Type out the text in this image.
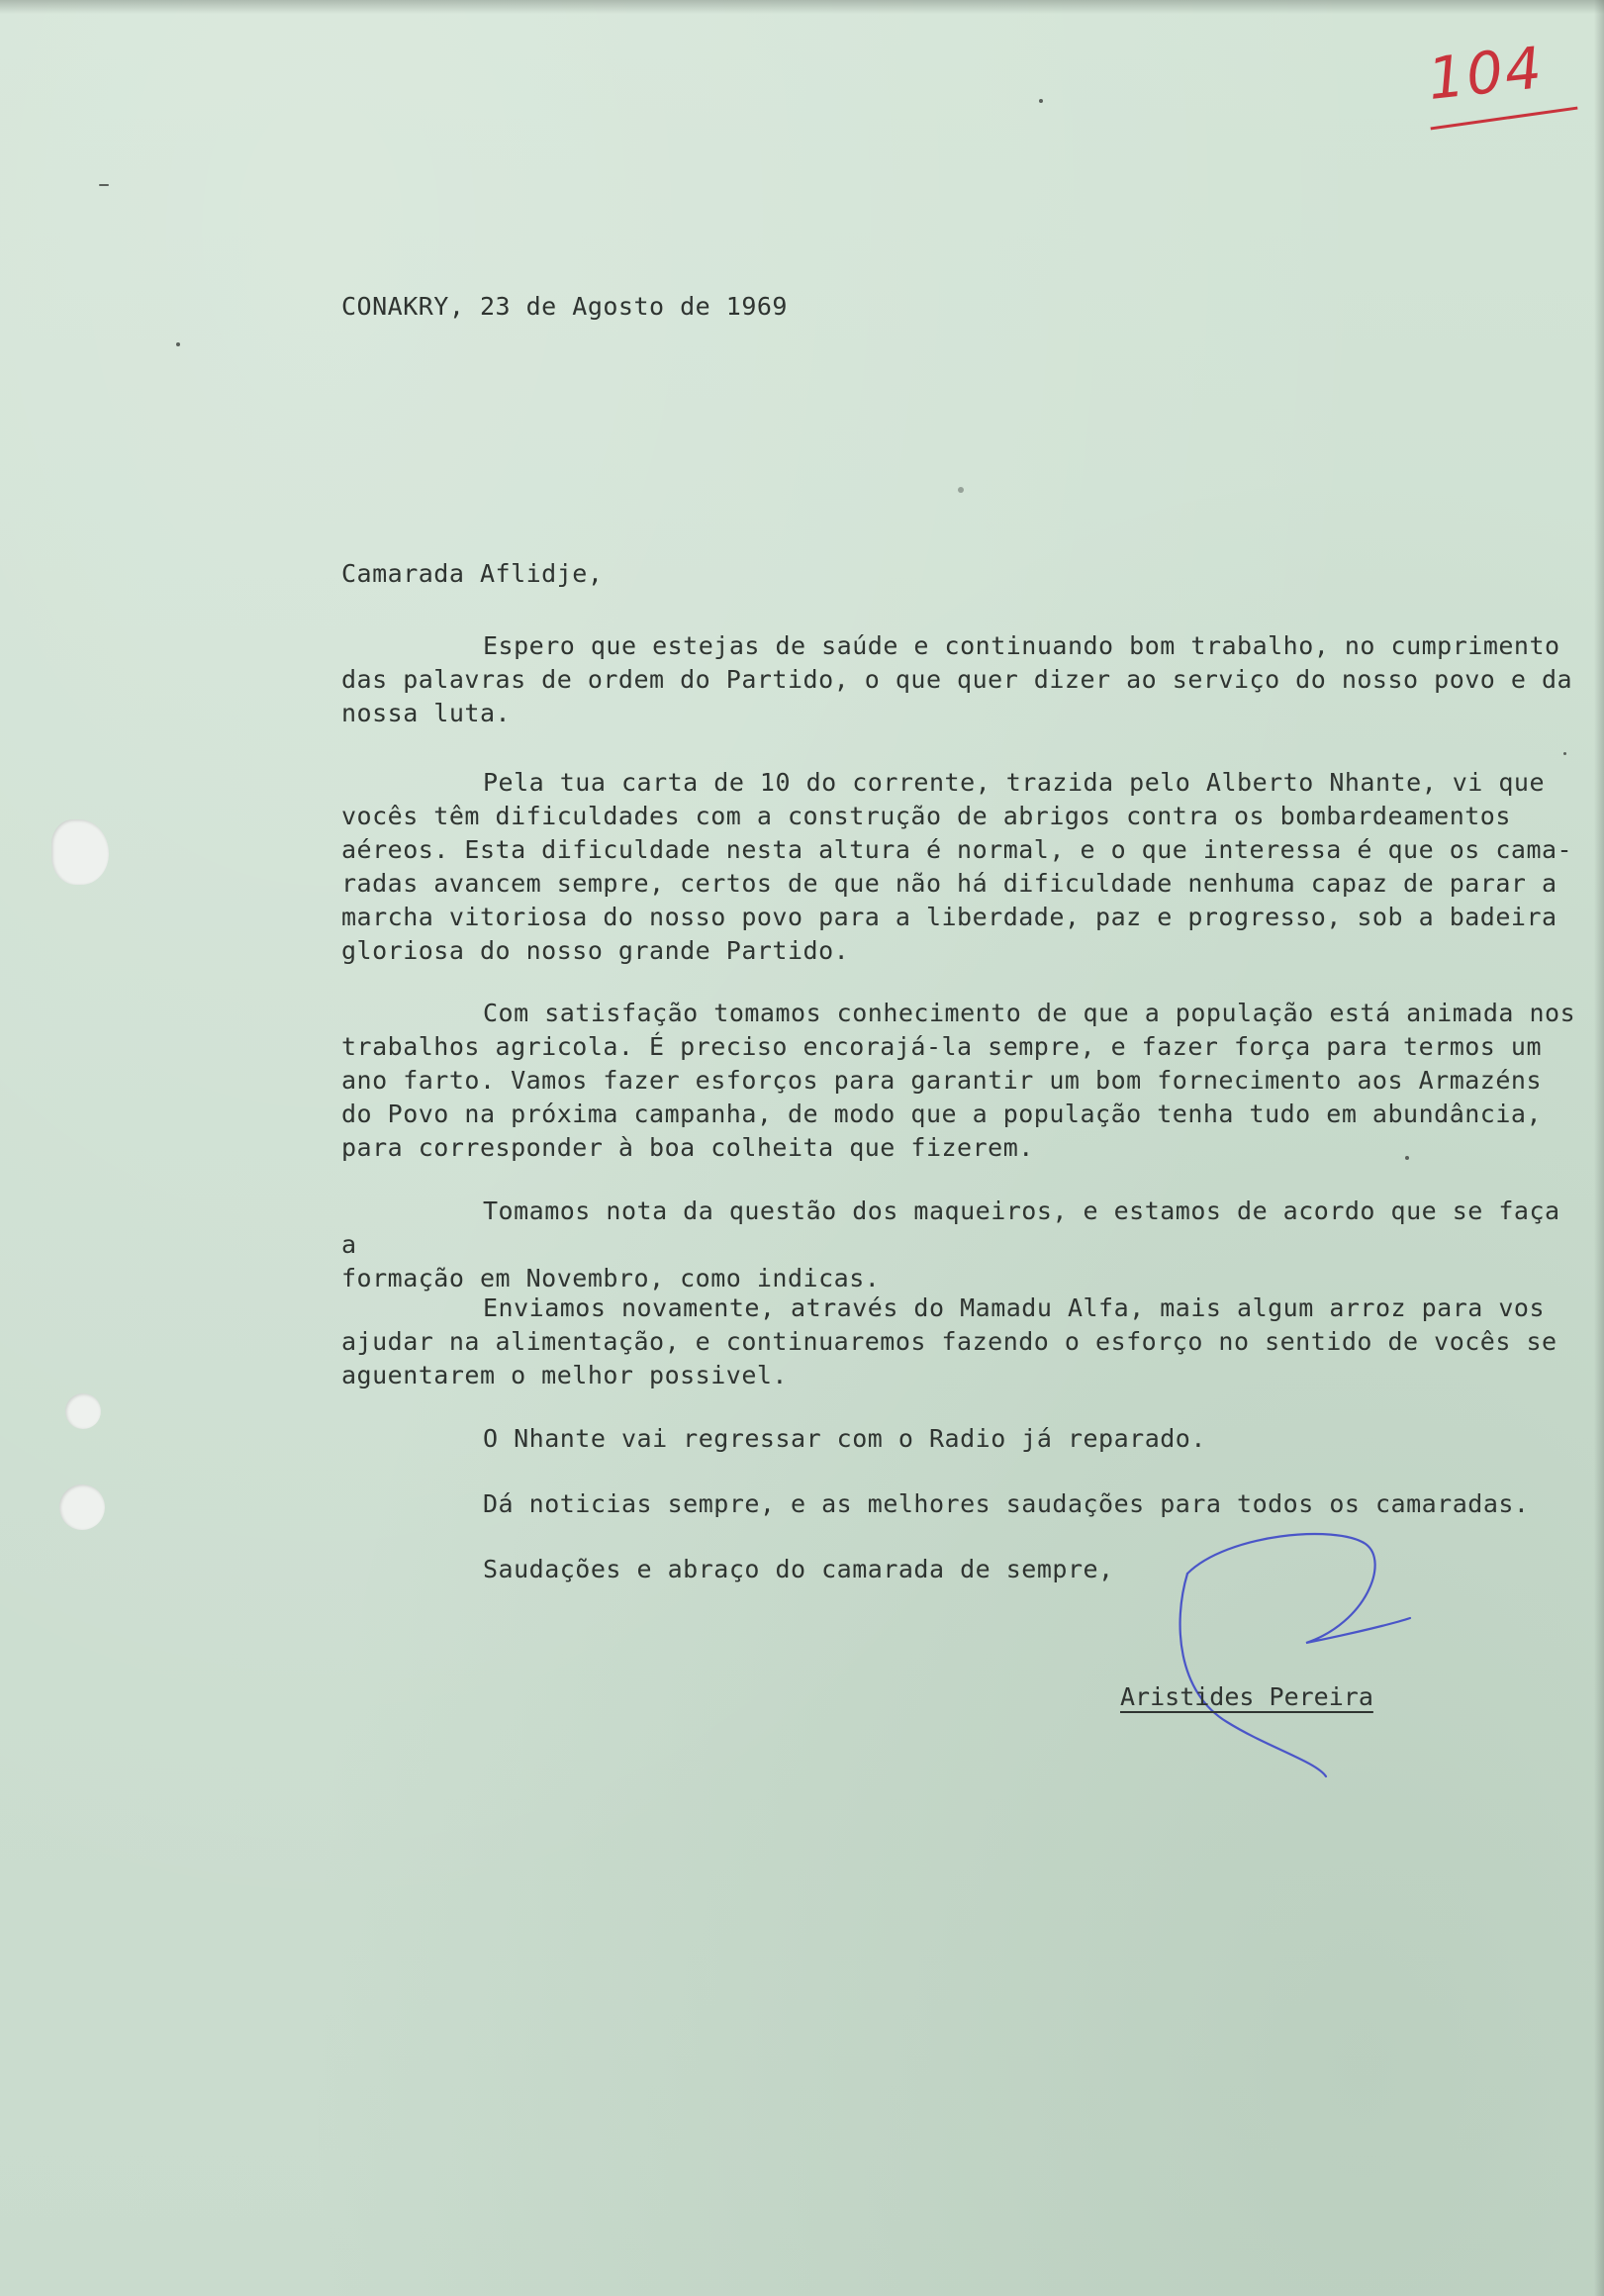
104

CONAKRY, 23 de Agosto de 1969

Camarada Aflidje,

Espero que estejas de saúde e continuando bom trabalho, no cumprimento
das palavras de ordem do Partido, o que quer dizer ao serviço do nosso povo e da
nossa luta.

Pela tua carta de 10 do corrente, trazida pelo Alberto Nhante, vi que
vocês têm dificuldades com a construção de abrigos contra os bombardeamentos
aéreos. Esta dificuldade nesta altura é normal, e o que interessa é que os cama-
radas avancem sempre, certos de que não há dificuldade nenhuma capaz de parar a
marcha vitoriosa do nosso povo para a liberdade, paz e progresso, sob a badeira
gloriosa do nosso grande Partido.

Com satisfação tomamos conhecimento de que a população está animada nos
trabalhos agricola. É preciso encorajá-la sempre, e fazer força para termos um
ano farto. Vamos fazer esforços para garantir um bom fornecimento aos Armazéns
do Povo na próxima campanha, de modo que a população tenha tudo em abundância,
para corresponder à boa colheita que fizerem.

Tomamos nota da questão dos maqueiros, e estamos de acordo que se faça a
formação em Novembro, como indicas.

Enviamos novamente, através do Mamadu Alfa, mais algum arroz para vos
ajudar na alimentação, e continuaremos fazendo o esforço no sentido de vocês se
aguentarem o melhor possivel.

O Nhante vai regressar com o Radio já reparado.

Dá noticias sempre, e as melhores saudações para todos os camaradas.

Saudações e abraço do camarada de sempre,

Aristides Pereira
